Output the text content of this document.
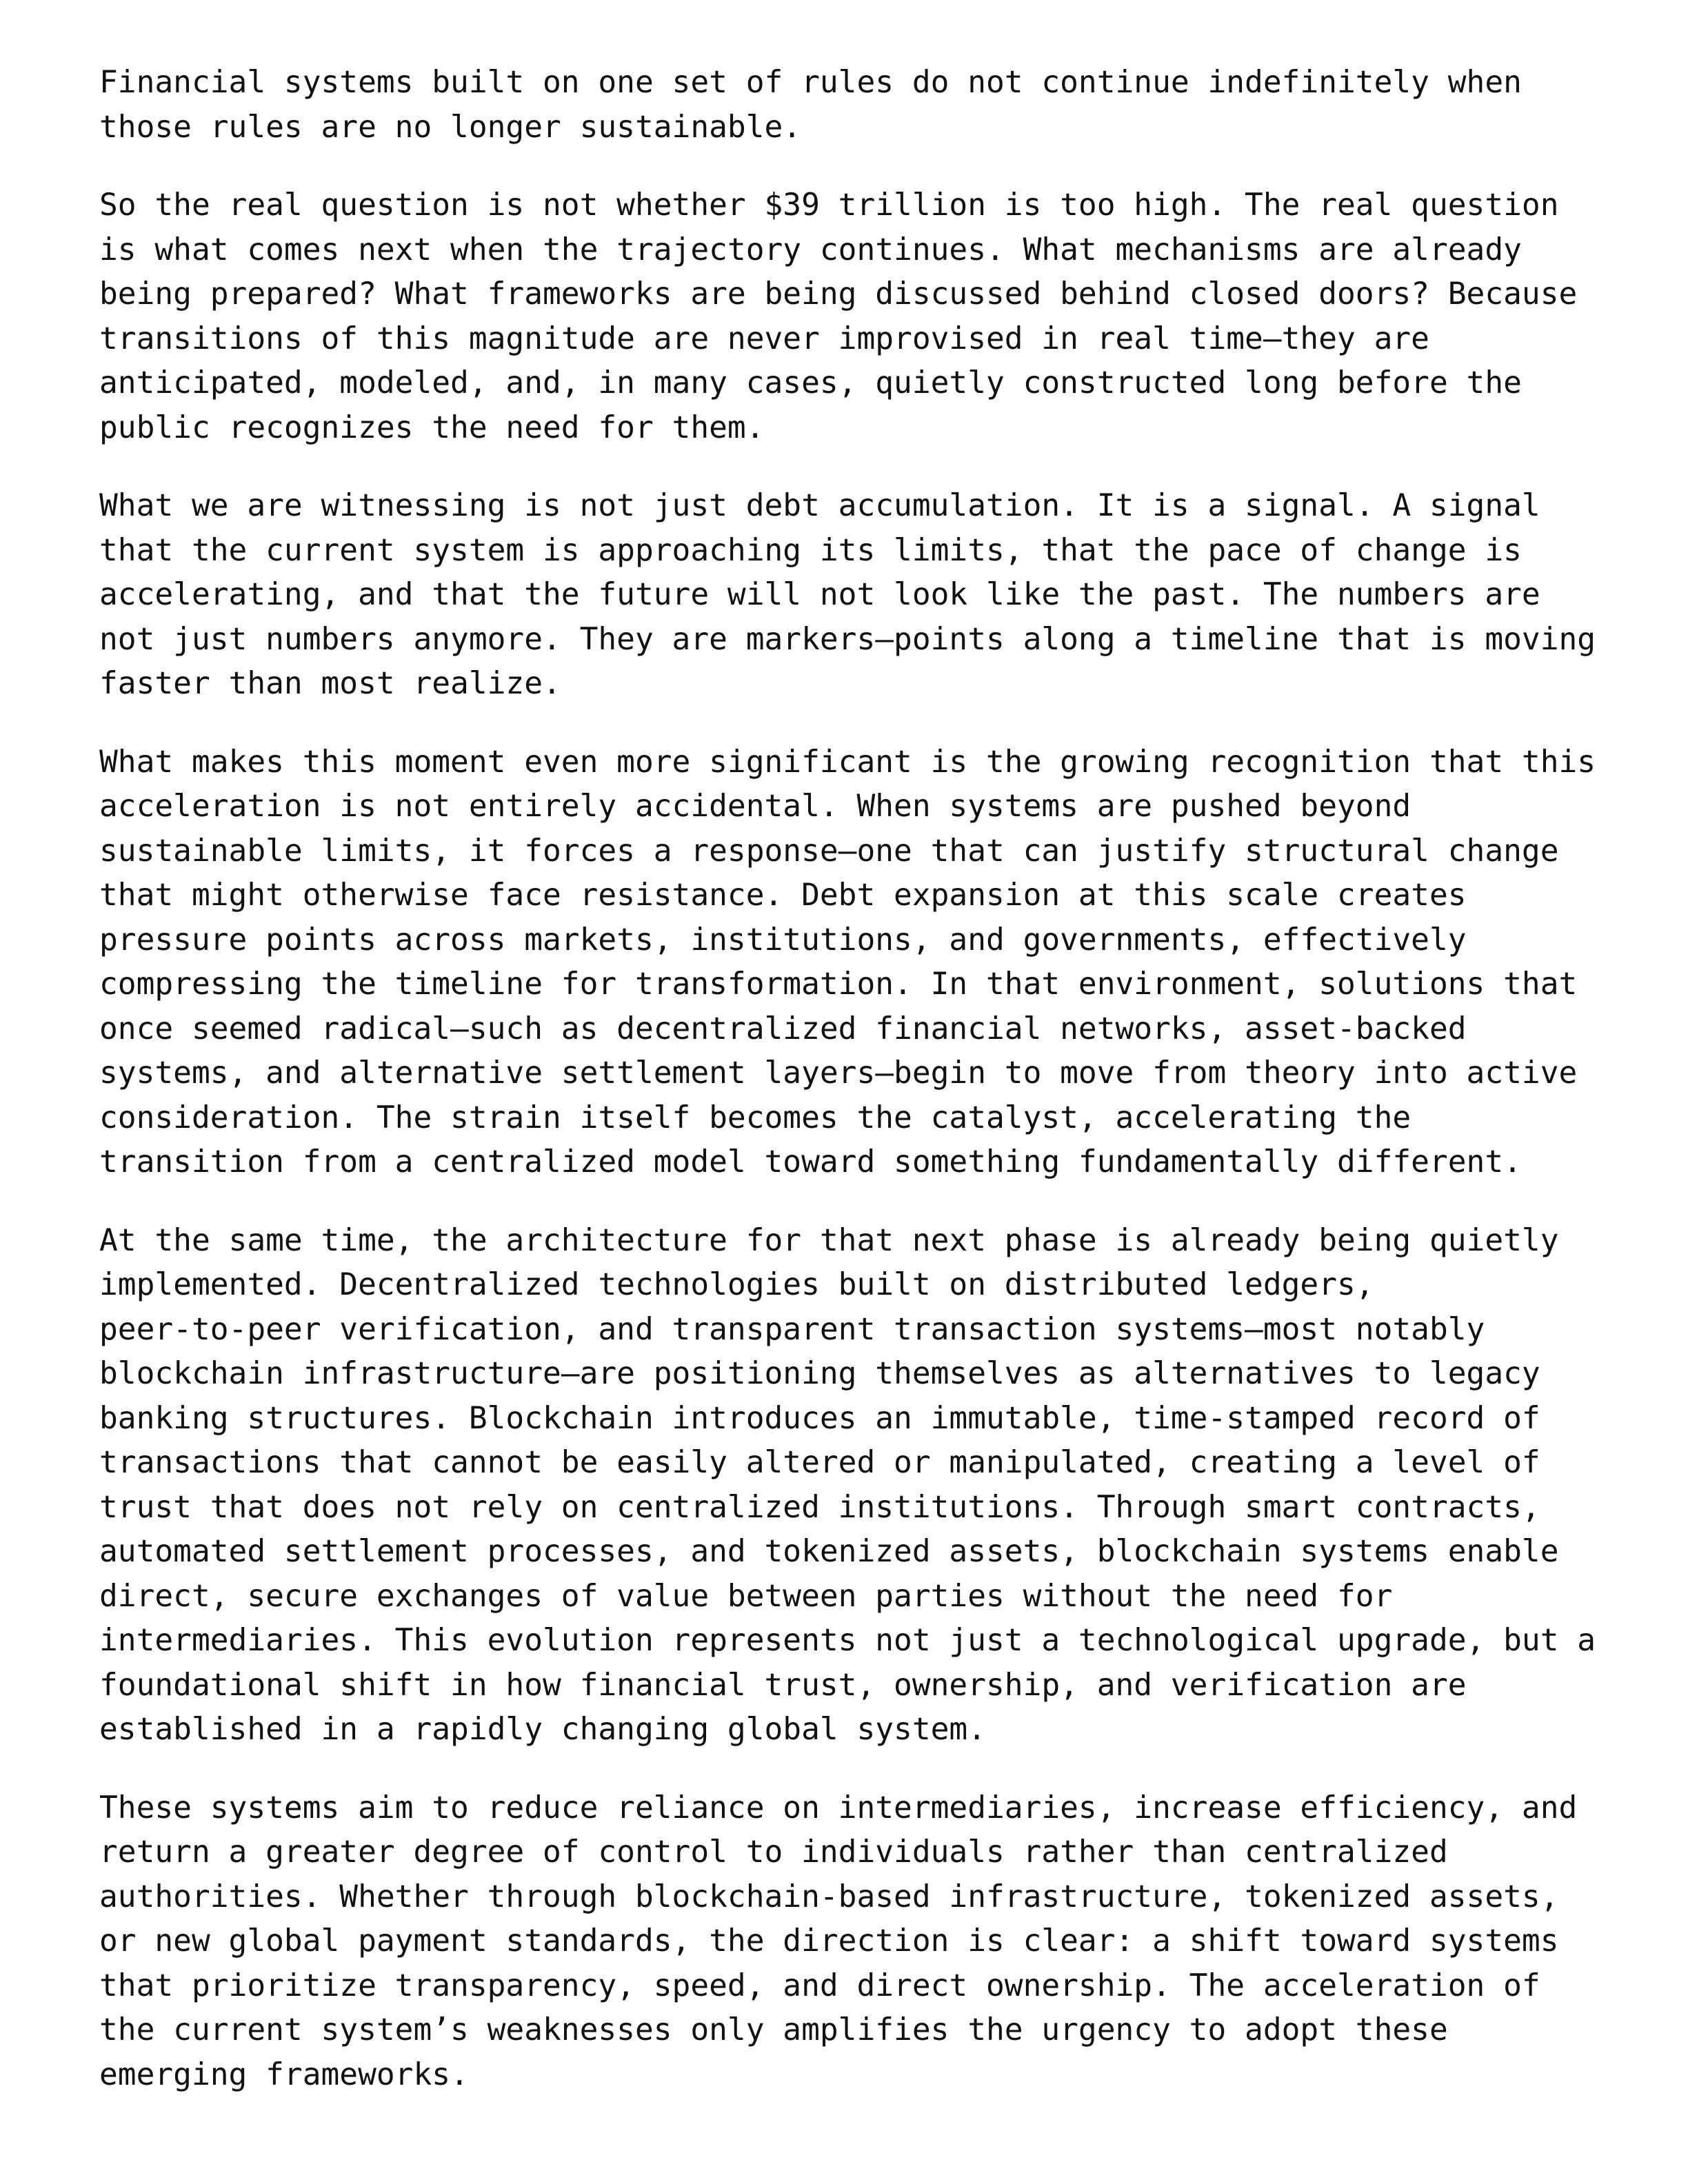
Financial systems built on one set of rules do not continue indefinitely when
those rules are no longer sustainable.

So the real question is not whether $39 trillion is too high. The real question
is what comes next when the trajectory continues. What mechanisms are already
being prepared? What frameworks are being discussed behind closed doors? Because
transitions of this magnitude are never improvised in real time—they are
anticipated, modeled, and, in many cases, quietly constructed long before the
public recognizes the need for them.

What we are witnessing is not just debt accumulation. It is a signal. A signal
that the current system is approaching its limits, that the pace of change is
accelerating, and that the future will not look like the past. The numbers are
not just numbers anymore. They are markers—points along a timeline that is moving
faster than most realize.

What makes this moment even more significant is the growing recognition that this
acceleration is not entirely accidental. When systems are pushed beyond
sustainable limits, it forces a response—one that can justify structural change
that might otherwise face resistance. Debt expansion at this scale creates
pressure points across markets, institutions, and governments, effectively
compressing the timeline for transformation. In that environment, solutions that
once seemed radical—such as decentralized financial networks, asset-backed
systems, and alternative settlement layers—begin to move from theory into active
consideration. The strain itself becomes the catalyst, accelerating the
transition from a centralized model toward something fundamentally different.

At the same time, the architecture for that next phase is already being quietly
implemented. Decentralized technologies built on distributed ledgers,
peer-to-peer verification, and transparent transaction systems—most notably
blockchain infrastructure—are positioning themselves as alternatives to legacy
banking structures. Blockchain introduces an immutable, time-stamped record of
transactions that cannot be easily altered or manipulated, creating a level of
trust that does not rely on centralized institutions. Through smart contracts,
automated settlement processes, and tokenized assets, blockchain systems enable
direct, secure exchanges of value between parties without the need for
intermediaries. This evolution represents not just a technological upgrade, but a
foundational shift in how financial trust, ownership, and verification are
established in a rapidly changing global system.

These systems aim to reduce reliance on intermediaries, increase efficiency, and
return a greater degree of control to individuals rather than centralized
authorities. Whether through blockchain-based infrastructure, tokenized assets,
or new global payment standards, the direction is clear: a shift toward systems
that prioritize transparency, speed, and direct ownership. The acceleration of
the current system’s weaknesses only amplifies the urgency to adopt these
emerging frameworks.
